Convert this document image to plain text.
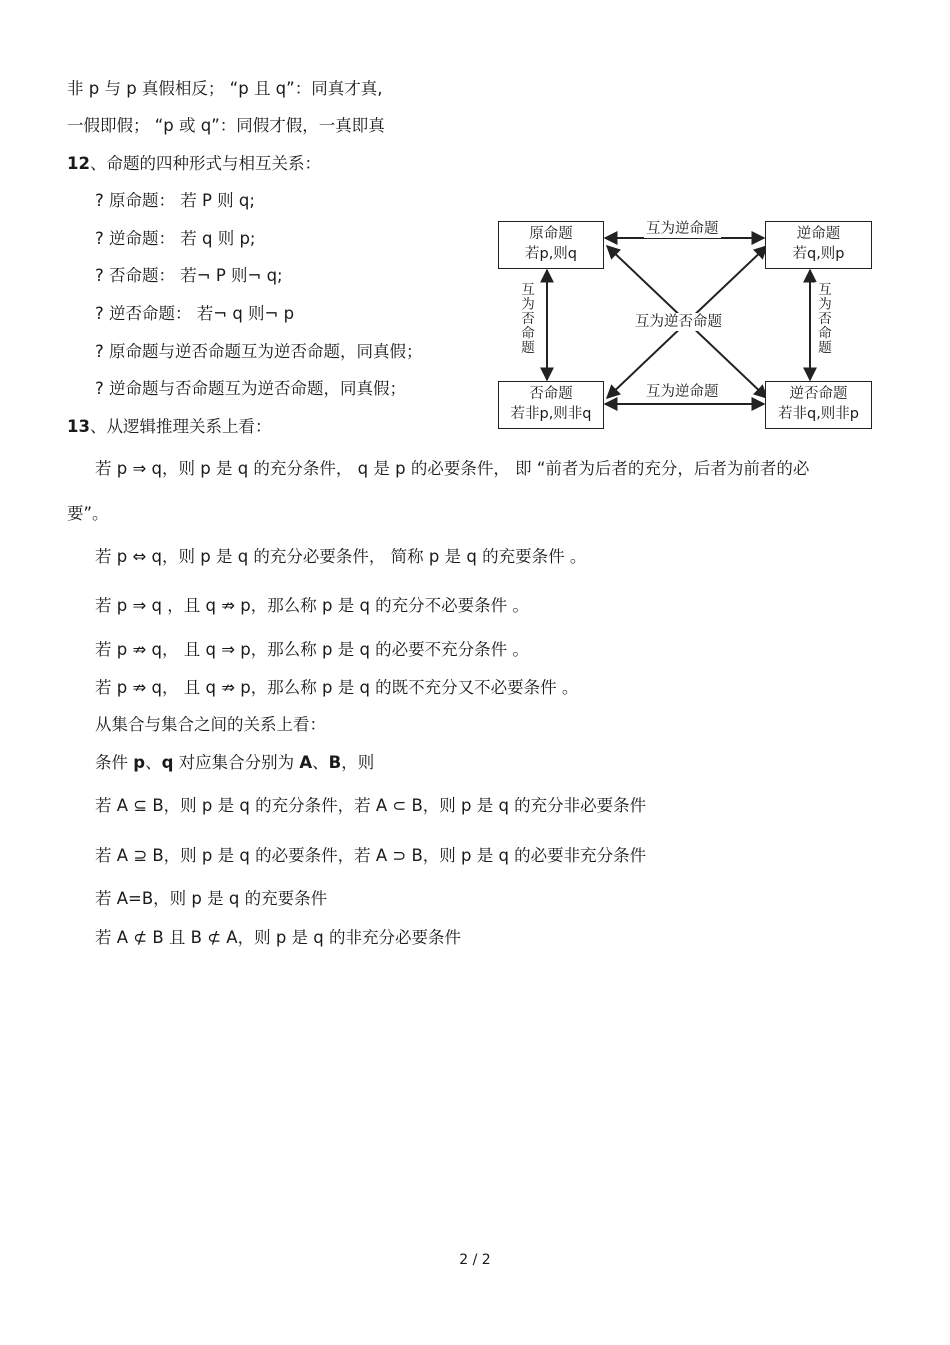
非 p 与 p 真假相反； “p 且 q”：同真才真,
一假即假； “p 或 q”：同假才假，一真即真
12、命题的四种形式与相互关系：
? 原命题： 若 P 则 q;
? 逆命题： 若 q 则 p;
? 否命题： 若¬ P 则¬ q;
? 逆否命题： 若¬ q 则¬ p
? 原命题与逆否命题互为逆否命题，同真假；
? 逆命题与否命题互为逆否命题，同真假；
13、从逻辑推理关系上看：
若 p ⇒ q，则 p 是 q 的充分条件， q 是 p 的必要条件， 即 “前者为后者的充分，后者为前者的必
要”。
若 p ⇔ q，则 p 是 q 的充分必要条件， 简称 p 是 q 的充要条件 。
若 p ⇒ q ，且 q ⇏ p，那么称 p 是 q 的充分不必要条件 。
若 p ⇏ q， 且 q ⇒ p，那么称 p 是 q 的必要不充分条件 。
若 p ⇏ q， 且 q ⇏ p，那么称 p 是 q 的既不充分又不必要条件 。
从集合与集合之间的关系上看：
条件 p、q 对应集合分别为 A、B，则
若 A ⊆ B，则 p 是 q 的充分条件，若 A ⊂ B，则 p 是 q 的充分非必要条件
若 A ⊇ B，则 p 是 q 的必要条件，若 A ⊃ B，则 p 是 q 的必要非充分条件
若 A=B，则 p 是 q 的充要条件
若 A ⊄ B 且 B ⊄ A，则 p 是 q 的非充分必要条件
原命题
若p,则q
逆命题
若q,则p
否命题
若非p,则非q
逆否命题
若非q,则非p
互为逆命题
互为逆命题
互为逆否命题
互为否命题	互为否命题
2 / 2
